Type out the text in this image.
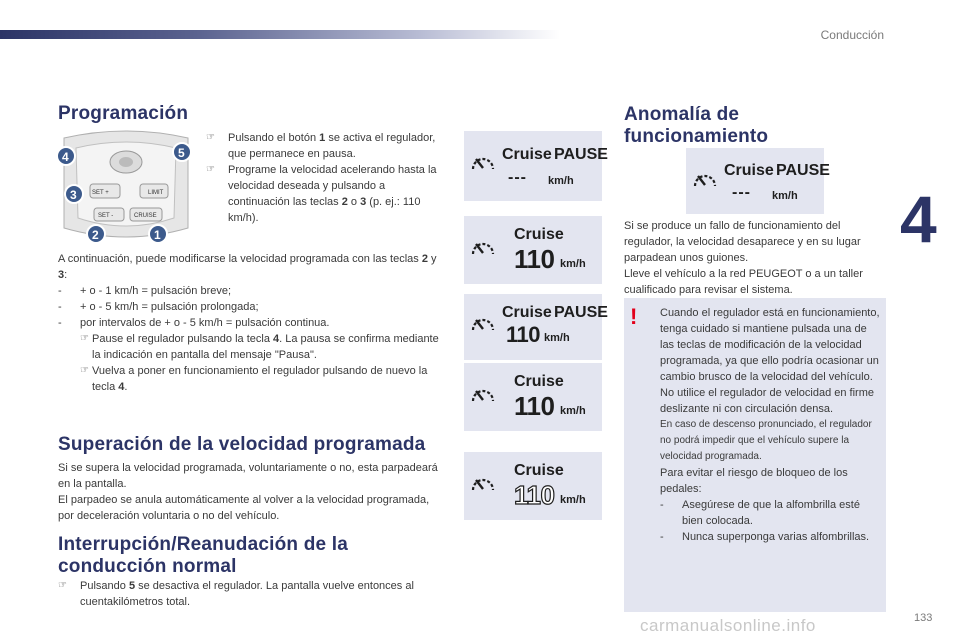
Conducción
4
Programación
SET +
SET -	CRUISE
LIMIT
1
2
3
4	5

☞ Pulsando el botón 1 se activa el regulador, que permanece en pausa.

☞ Programe la velocidad acelerando hasta la velocidad deseada y pulsando a continuación las teclas 2 o 3 (p. ej.: 110 km/h).

A continuación, puede modificarse la velocidad programada con las teclas 2 y 3:

- + o - 1 km/h = pulsación breve;

- + o - 5 km/h = pulsación prolongada;

- por intervalos de + o - 5 km/h = pulsación continua.

☞ Pause el regulador pulsando la tecla 4. La pausa se confirma mediante la indicación en pantalla del mensaje "Pausa".

☞ Vuelva a poner en funcionamiento el regulador pulsando de nuevo la tecla 4.

Superación de la velocidad programada

Si se supera la velocidad programada, voluntariamente o no, esta parpadeará en la pantalla.

El parpadeo se anula automáticamente al volver a la velocidad programada, por deceleración voluntaria o no del vehículo.

Interrupción/Reanudación de la
conducción normal

☞ Pulsando 5 se desactiva el regulador. La pantalla vuelve entonces al cuentakilómetros total.

Cruise PAUSE
--- km/h
Cruise
110 km/h
Cruise PAUSE
110 km/h
Cruise
110 km/h
Cruise
110 km/h
Anomalía de
funcionamiento
Cruise PAUSE
--- km/h

Si se produce un fallo de funcionamiento del regulador, la velocidad desaparece y en su lugar parpadean unos guiones.

Lleve el vehículo a la red PEUGEOT o a un taller cualificado para revisar el sistema.

! Cuando el regulador está en funcionamiento, tenga cuidado si mantiene pulsada una de las teclas de modificación de la velocidad programada, ya que ello podría ocasionar un cambio brusco de la velocidad del vehículo.

No utilice el regulador de velocidad en firme deslizante ni con circulación densa.

En caso de descenso pronunciado, el regulador no podrá impedir que el vehículo supere la velocidad programada.

Para evitar el riesgo de bloqueo de los pedales:

- Asegúrese de que la alfombrilla esté bien colocada.

- Nunca superponga varias alfombrillas.

carmanualsonline.info	133
